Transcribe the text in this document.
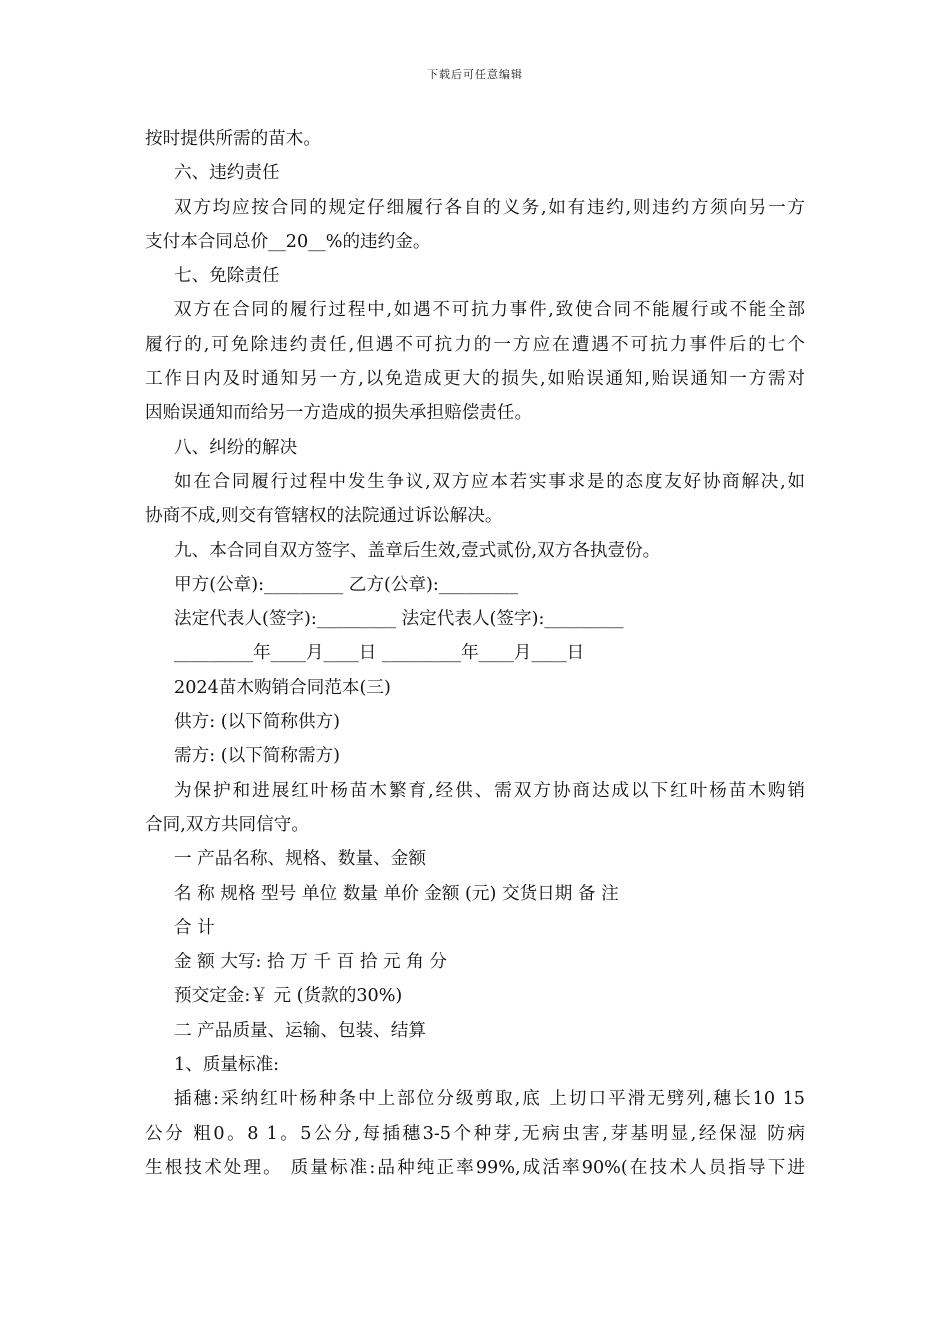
下载后可任意编辑
按时提供所需的苗木。
六、违约责任
双方均应按合同的规定仔细履行各自的义务,如有违约,则违约方须向另一方
支付本合同总价__20__%的违约金。
七、免除责任
双方在合同的履行过程中,如遇不可抗力事件,致使合同不能履行或不能全部
履行的,可免除违约责任,但遇不可抗力的一方应在遭遇不可抗力事件后的七个
工作日内及时通知另一方,以免造成更大的损失,如贻误通知,贻误通知一方需对
因贻误通知而给另一方造成的损失承担赔偿责任。
八、纠纷的解决
如在合同履行过程中发生争议,双方应本若实事求是的态度友好协商解决,如
协商不成,则交有管辖权的法院通过诉讼解决。
九、本合同自双方签字、盖章后生效,壹式贰份,双方各执壹份。
甲方(公章):_________ 乙方(公章):_________
法定代表人(签字):_________ 法定代表人(签字):_________
_________年____月____日 _________年____月____日
2024苗木购销合同范本(三)
供方: (以下简称供方)
需方: (以下简称需方)
为保护和进展红叶杨苗木繁育,经供、需双方协商达成以下红叶杨苗木购销
合同,双方共同信守。
一 产品名称、规格、数量、金额
名 称 规格 型号 单位 数量 单价 金额 (元) 交货日期 备 注
合 计
金 额 大写: 拾 万 千 百 拾 元 角 分
预交定金:￥ 元 (货款的30%)
二 产品质量、运输、包装、结算
1、质量标准:
插穗:采纳红叶杨种条中上部位分级剪取,底 上切口平滑无劈列,穗长10 15
公分 粗0。8 1。5公分,每插穗3-5个种芽,无病虫害,芽基明显,经保湿 防病
生根技术处理。 质量标准:品种纯正率99%,成活率90%(在技术人员指导下进
